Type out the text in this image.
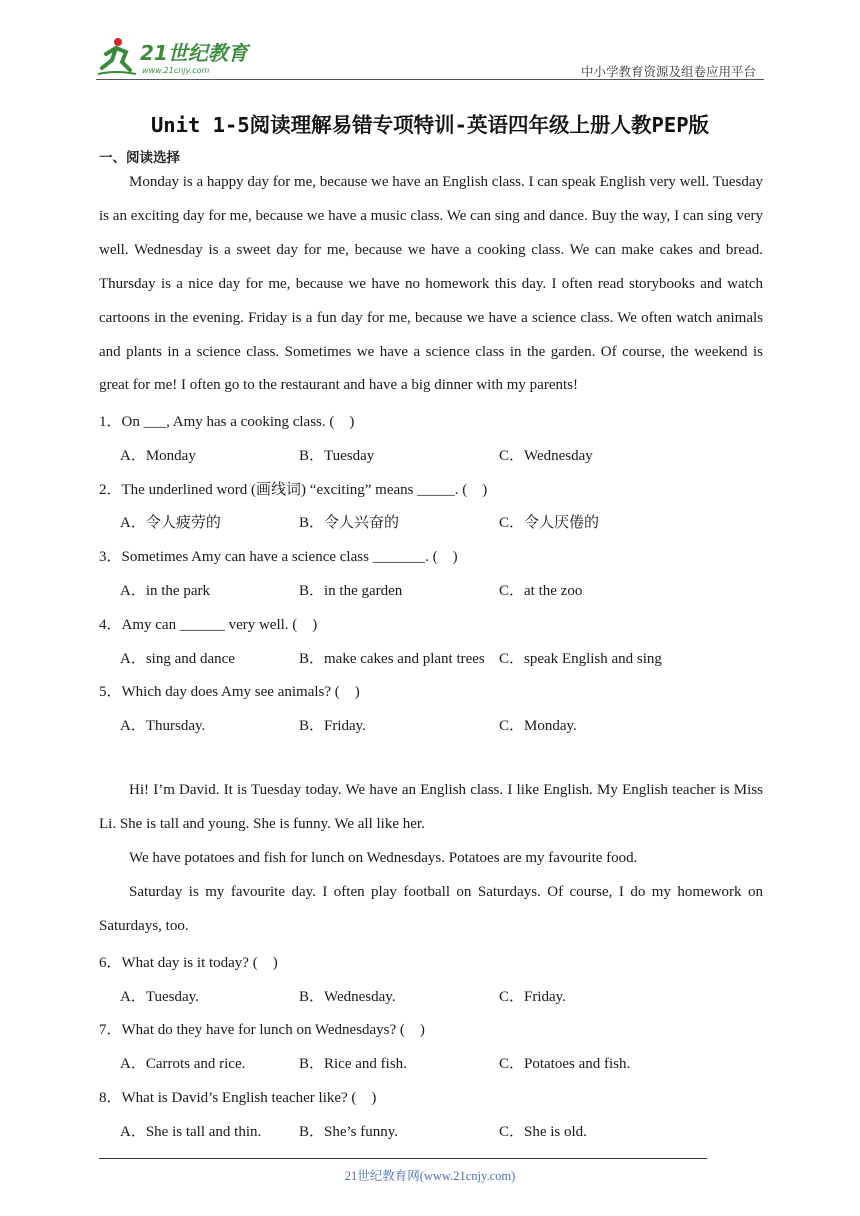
21世纪教育
www.21cnjy.com	中小学教育资源及组卷应用平台
Unit 1-5阅读理解易错专项特训-英语四年级上册人教PEP版
一、阅读选择

Monday is a happy day for me, because we have an English class. I can speak English very well. Tuesday is an exciting day for me, because we have a music class. We can sing and dance. Buy the way, I can sing very well. Wednesday is a sweet day for me, because we have a cooking class. We can make cakes and bread. Thursday is a nice day for me, because we have no homework this day. I often read storybooks and watch cartoons in the evening. Friday is a fun day for me, because we have a science class. We often watch animals and plants in a science class. Sometimes we have a science class in the garden. Of course, the weekend is great for me! I often go to the restaurant and have a big dinner with my parents!

1．On ___, Amy has a cooking class. (　)
A．Monday	B．Tuesday	C．Wednesday
2．The underlined word (画线词) “exciting” means _____. (　)
A．令人疲劳的	B．令人兴奋的	C．令人厌倦的
3．Sometimes Amy can have a science class _______. (　)
A．in the park	B．in the garden	C．at the zoo
4．Amy can ______ very well. (　)
A．sing and dance	B．make cakes and plant trees C．speak English and sing
5．Which day does Amy see animals? (　)
A．Thursday.	B．Friday.	C．Monday.

Hi! I’m David. It is Tuesday today. We have an English class. I like English. My English teacher is Miss Li. She is tall and young. She is funny. We all like her.

We have potatoes and fish for lunch on Wednesdays. Potatoes are my favourite food.

Saturday is my favourite day. I often play football on Saturdays. Of course, I do my homework on Saturdays, too.

6．What day is it today? (　)
A．Tuesday.	B．Wednesday.	C．Friday.
7．What do they have for lunch on Wednesdays? (　)
A．Carrots and rice.	B．Rice and fish.	C．Potatoes and fish.
8．What is David’s English teacher like? (　)
A．She is tall and thin.	B．She’s funny.	C．She is old.
21世纪教育网(www.21cnjy.com)
